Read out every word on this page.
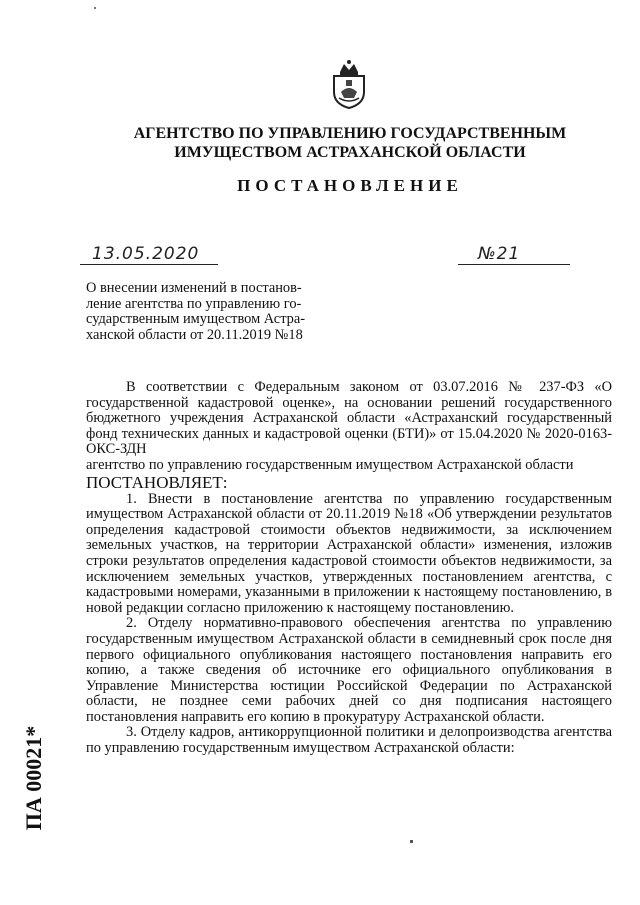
АГЕНТСТВО ПО УПРАВЛЕНИЮ ГОСУДАРСТВЕННЫМ
ИМУЩЕСТВОМ АСТРАХАНСКОЙ ОБЛАСТИ
ПОСТАНОВЛЕНИЕ
13.05.2020	№21
О внесении изменений в постанов-
ление агентства по управлению го-
сударственным имуществом Астра-
ханской области от 20.11.2019 №18

В соответствии с Федеральным законом от 03.07.2016 № 237-ФЗ «О государственной кадастровой оценке», на основании решений государственного бюджетного учреждения Астраханской области «Астраханский государственный фонд технических данных и кадастровой оценки (БТИ)» от 15.04.2020 № 2020-0163-ОКС-ЗДН

агентство по управлению государственным имуществом Астраханской области

ПОСТАНОВЛЯЕТ:

1. Внести в постановление агентства по управлению государственным имуществом Астраханской области от 20.11.2019 №18 «Об утверждении результатов определения кадастровой стоимости объектов недвижимости, за исключением земельных участков, на территории Астраханской области» изменения, изложив строки результатов определения кадастровой стоимости объектов недвижимости, за исключением земельных участков, утвержденных постановлением агентства, с кадастровыми номерами, указанными в приложении к настоящему постановлению, в новой редакции согласно приложению к настоящему постановлению.

2. Отделу нормативно-правового обеспечения агентства по управлению государственным имуществом Астраханской области в семидневный срок после дня первого официального опубликования настоящего постановления направить его копию, а также сведения об источнике его официального опубликования в Управление Министерства юстиции Российской Федерации по Астраханской области, не позднее семи рабочих дней со дня подписания настоящего постановления направить его копию в прокуратуру Астраханской области.

3. Отделу кадров, антикоррупционной политики и делопроизводства агентства по управлению государственным имуществом Астраханской области:

ПА 00021*
